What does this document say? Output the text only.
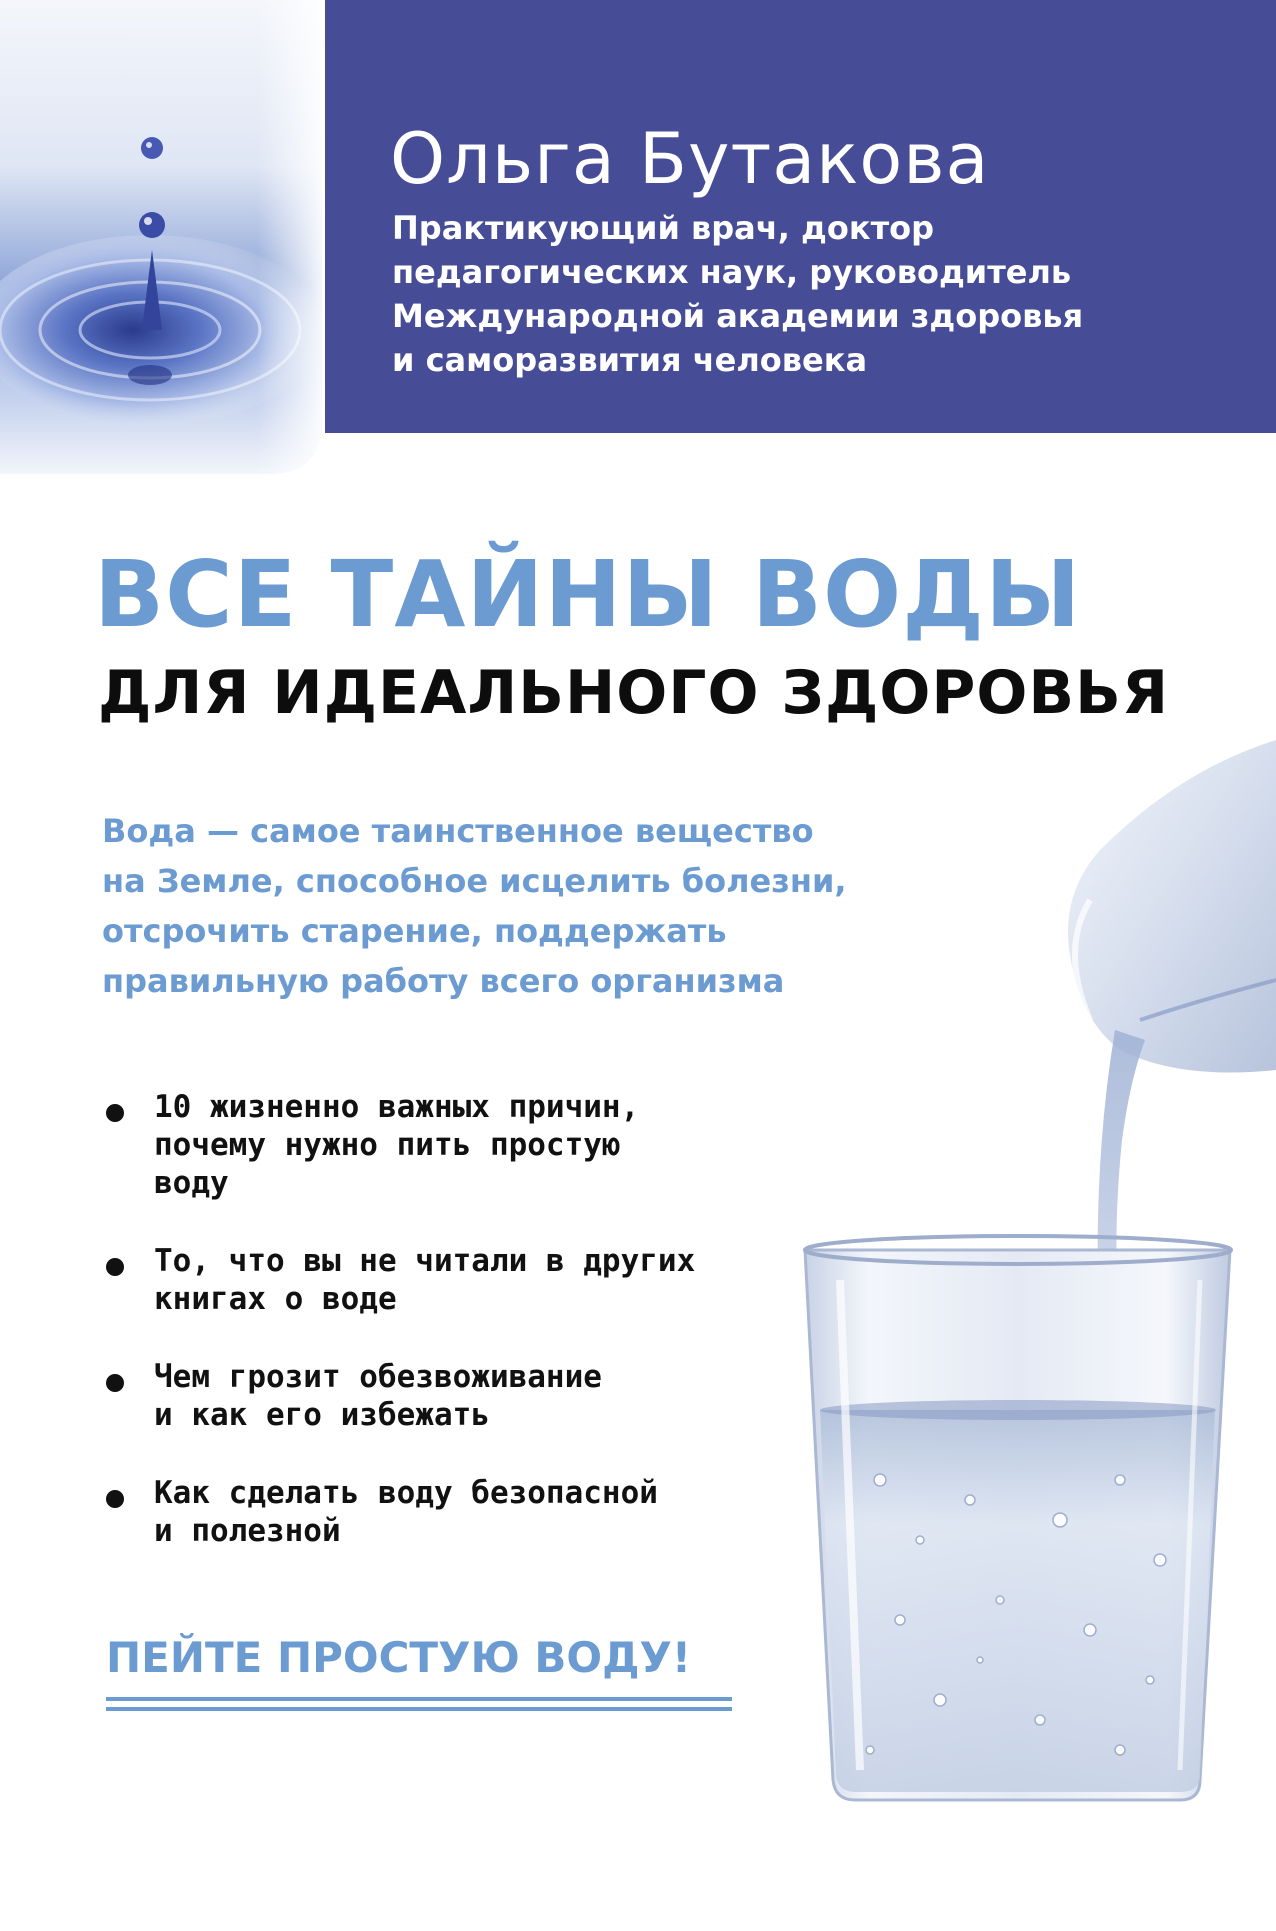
Ольга Бутакова
Практикующий врач, доктор
педагогических наук, руководитель
Международной академии здоровья
и саморазвития человека
ВСЕ ТАЙНЫ ВОДЫ
ДЛЯ ИДЕАЛЬНОГО ЗДОРОВЬЯ
Вода — самое таинственное вещество
на Земле, способное исцелить болезни,
отсрочить старение, поддержать
правильную работу всего организма
10 жизненно важных причин,
почему нужно пить простую
воду
То, что вы не читали в других
книгах о воде
Чем грозит обезвоживание
и как его избежать
Как сделать воду безопасной
и полезной
ПЕЙТЕ ПРОСТУЮ ВОДУ!
